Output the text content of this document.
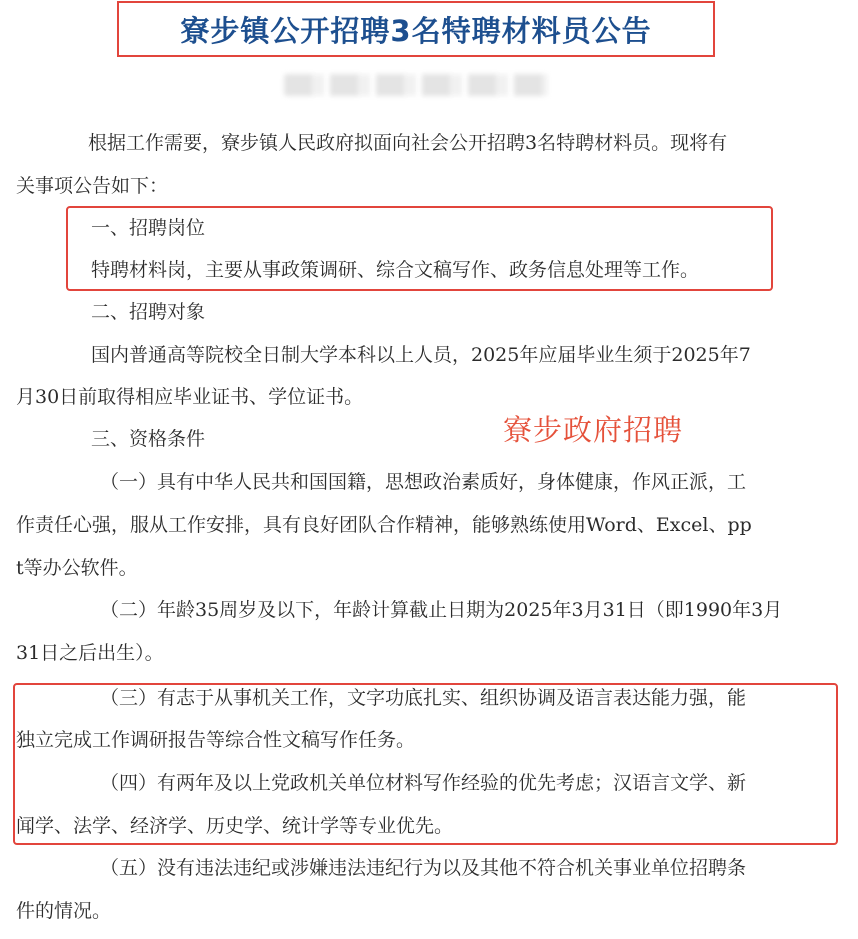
寮步镇公开招聘3名特聘材料员公告
根据工作需要，寮步镇人民政府拟面向社会公开招聘3名特聘材料员。现将有
关事项公告如下：
一、招聘岗位
特聘材料岗，主要从事政策调研、综合文稿写作、政务信息处理等工作。
二、招聘对象
国内普通高等院校全日制大学本科以上人员，2025年应届毕业生须于2025年7
月30日前取得相应毕业证书、学位证书。
三、资格条件
（一）具有中华人民共和国国籍，思想政治素质好，身体健康，作风正派，工
作责任心强，服从工作安排，具有良好团队合作精神，能够熟练使用Word、Excel、pp
t等办公软件。
（二）年龄35周岁及以下，年龄计算截止日期为2025年3月31日（即1990年3月
31日之后出生）。
（三）有志于从事机关工作，文字功底扎实、组织协调及语言表达能力强，能
独立完成工作调研报告等综合性文稿写作任务。
（四）有两年及以上党政机关单位材料写作经验的优先考虑；汉语言文学、新
闻学、法学、经济学、历史学、统计学等专业优先。
（五）没有违法违纪或涉嫌违法违纪行为以及其他不符合机关事业单位招聘条
件的情况。
寮步政府招聘
